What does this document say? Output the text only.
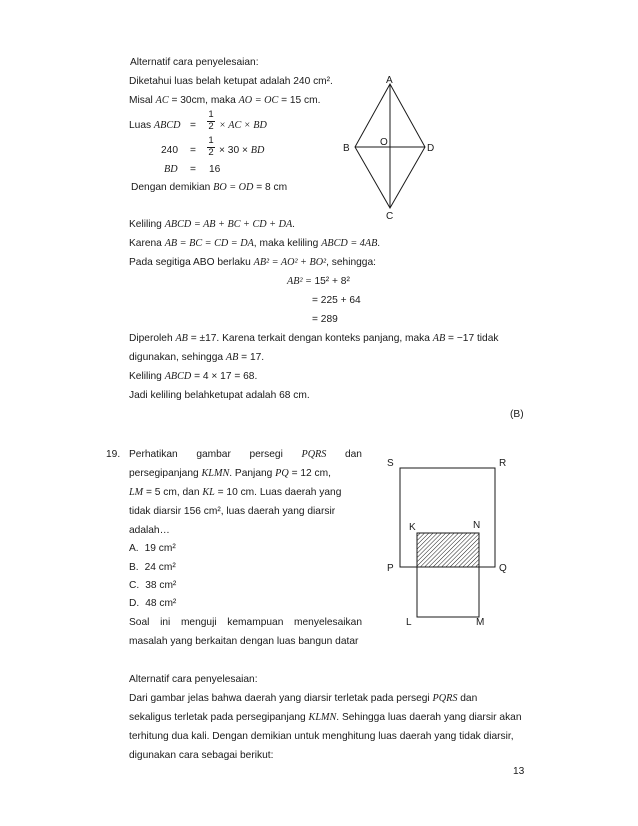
Alternatif cara penyelesaian:
Diketahui luas belah ketupat adalah 240 cm².
Misal AC = 30cm, maka AO = OC = 15 cm.
Luas ABCD =
1
2 × AC × BD
240 =
1
2 × 30 × BD
BD = 16
Dengan demikian BO = OD = 8 cm
A
B
O
D
C
Keliling ABCD = AB + BC + CD + DA.
Karena AB = BC = CD = DA, maka keliling ABCD = 4AB.
Pada segitiga ABO berlaku AB² = AO² + BO², sehingga:
AB² = 15² + 8²
= 225 + 64
= 289
Diperoleh AB = ±17. Karena terkait dengan konteks panjang, maka AB = −17 tidak
digunakan, sehingga AB = 17.
Keliling ABCD = 4 × 17 = 68.
Jadi keliling belahketupat adalah 68 cm.
(B)
19. Perhatikan gambar persegi PQRS dan
persegipanjang KLMN. Panjang PQ = 12 cm,
LM = 5 cm, dan KL = 10 cm. Luas daerah yang
tidak diarsir 156 cm², luas daerah yang diarsir
adalah…
A. 19 cm²
B. 24 cm²
C. 38 cm²
D. 48 cm²
Soal ini menguji kemampuan menyelesaikan
masalah yang berkaitan dengan luas bangun datar
S	R
K	N
P	Q
L	M
Alternatif cara penyelesaian:
Dari gambar jelas bahwa daerah yang diarsir terletak pada persegi PQRS dan
sekaligus terletak pada persegipanjang KLMN. Sehingga luas daerah yang diarsir akan
terhitung dua kali. Dengan demikian untuk menghitung luas daerah yang tidak diarsir,
digunakan cara sebagai berikut:
13
